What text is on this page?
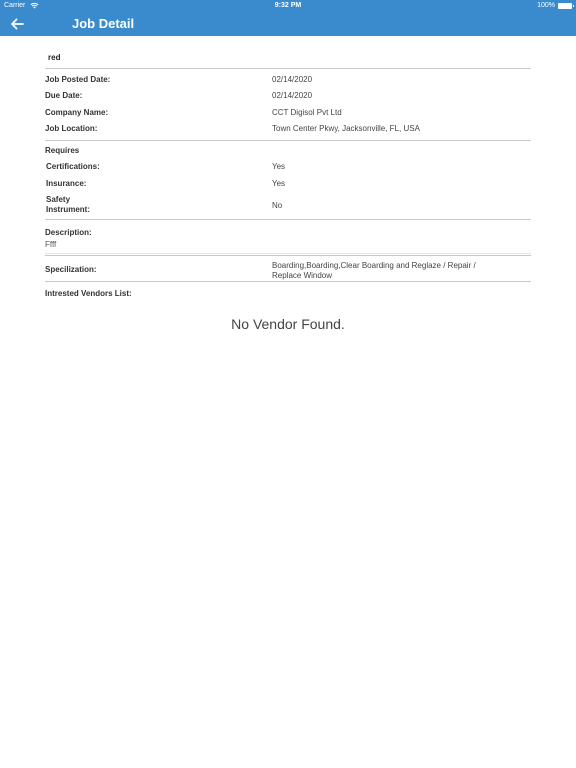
Carrier	9:32 PM	100%
Job Detail
red
Job Posted Date:	02/14/2020
Due Date:	02/14/2020
Company Name:	CCT Digisol Pvt Ltd
Job Location:	Town Center Pkwy, Jacksonville, FL, USA
Requires
Certifications:	Yes
Insurance:	Yes
Safety
Instrument:	No
Description:
Ffff
Specilization:	Boarding,Boarding,Clear Boarding and Reglaze / Repair /
Replace Window
Intrested Vendors List:
No Vendor Found.
